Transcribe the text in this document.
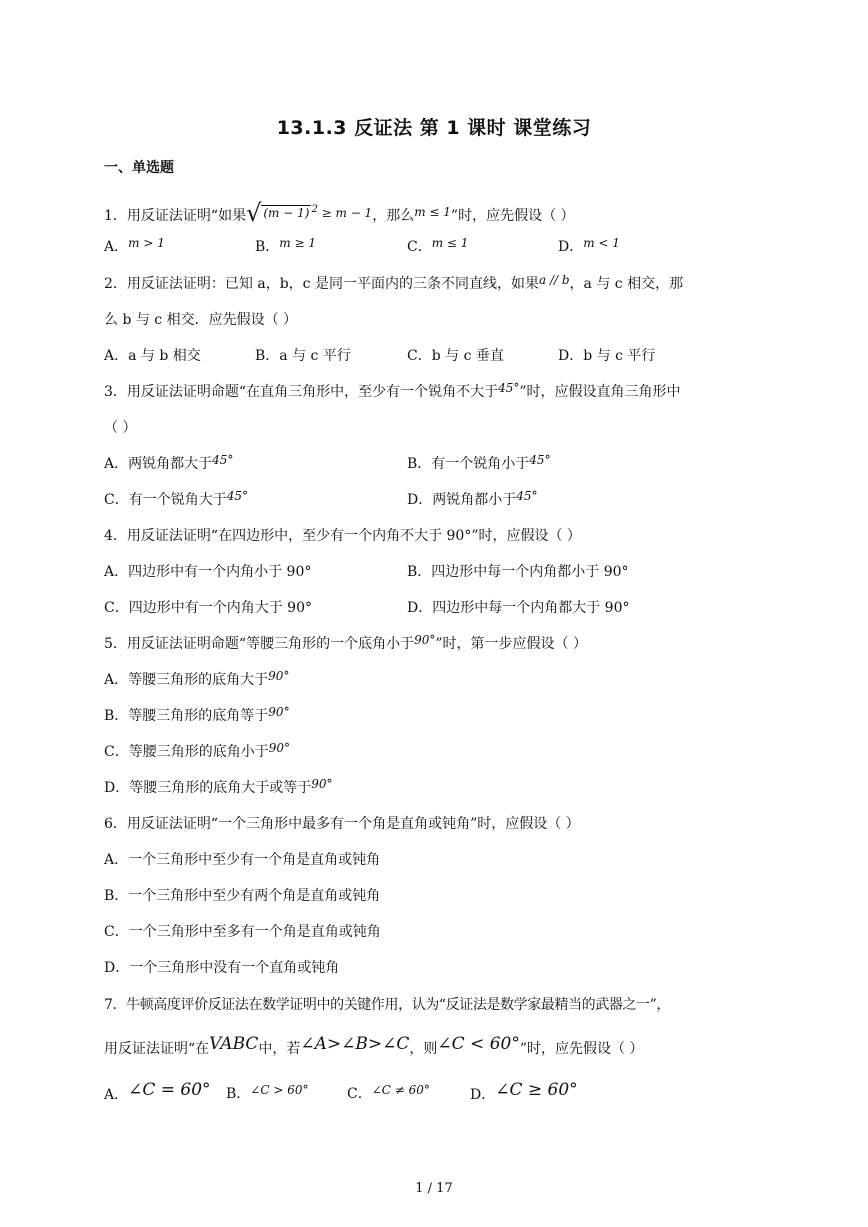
13.1.3 反证法 第 1 课时 课堂练习
一、单选题
1．用反证法证明“如果√ (m − 1) $^2$ ≥ m − 1，那么m ≤ 1”时，应先假设（ ）
A．m > 1	B．m ≥ 1	C．m ≤ 1	D．m < 1
2．用反证法证明：已知 a，b，c 是同一平面内的三条不同直线，如果a // b，a 与 c 相交，那
么 b 与 c 相交．应先假设（ ）
A．a 与 b 相交	B．a 与 c 平行	C．b 与 c 垂直	D．b 与 c 平行
3．用反证法证明命题“在直角三角形中，至少有一个锐角不大于45°”时，应假设直角三角形中
（ ）
A．两锐角都大于45°	B．有一个锐角小于45°
C．有一个锐角大于45°	D．两锐角都小于45°
4．用反证法证明“在四边形中，至少有一个内角不大于 90°”时，应假设（ ）
A．四边形中有一个内角小于 90°	B．四边形中每一个内角都小于 90°
C．四边形中有一个内角大于 90°	D．四边形中每一个内角都大于 90°
5．用反证法证明命题“等腰三角形的一个底角小于90°”时，第一步应假设（ ）
A．等腰三角形的底角大于90°
B．等腰三角形的底角等于90°
C．等腰三角形的底角小于90°
D．等腰三角形的底角大于或等于90°
6．用反证法证明“一个三角形中最多有一个角是直角或钝角”时，应假设（ ）
A．一个三角形中至少有一个角是直角或钝角
B．一个三角形中至少有两个角是直角或钝角
C．一个三角形中至多有一个角是直角或钝角
D．一个三角形中没有一个直角或钝角
7．牛顿高度评价反证法在数学证明中的关键作用，认为“反证法是数学家最精当的武器之一”，
用反证法证明“在VABC中，若∠A>∠B>∠C，则∠C < 60°”时，应先假设（ ）
A．∠C = 60° B．∠C > 60°	C．∠C ≠ 60°	D．∠C ≥ 60°
1 / 17
